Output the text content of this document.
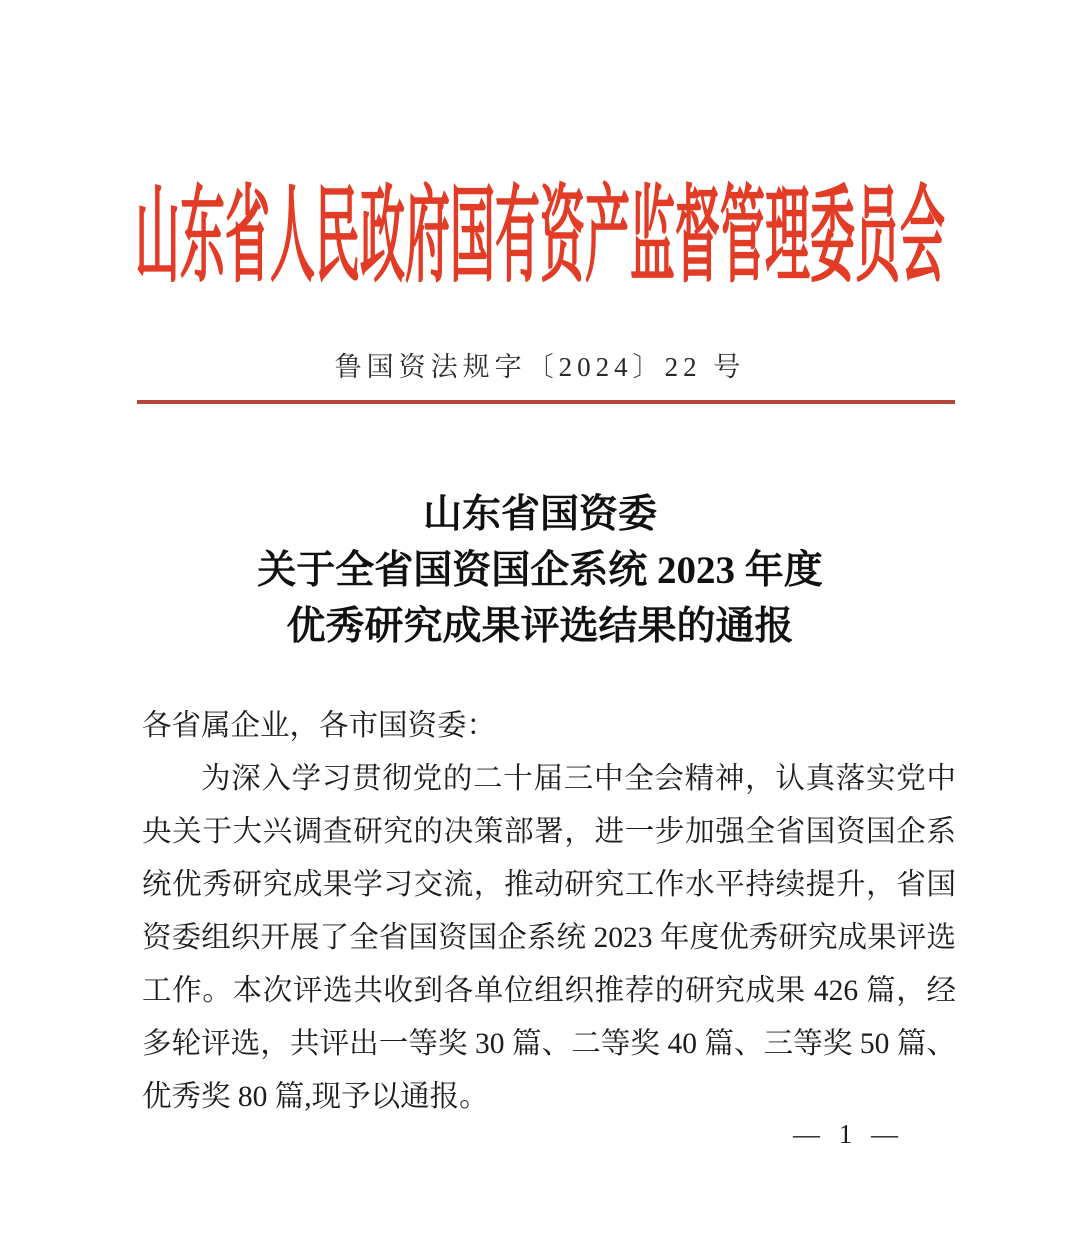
山东省人民政府国有资产监督管理委员会
鲁国资法规字〔2024〕22 号
山东省国资委
关于全省国资国企系统 2023 年度
优秀研究成果评选结果的通报
各省属企业，各市国资委：
为深入学习贯彻党的二十届三中全会精神，认真落实党中
央关于大兴调查研究的决策部署，进一步加强全省国资国企系
统优秀研究成果学习交流，推动研究工作水平持续提升，省国
资委组织开展了全省国资国企系统 2023 年度优秀研究成果评选
工作。本次评选共收到各单位组织推荐的研究成果 426 篇，经
多轮评选，共评出一等奖 30 篇、二等奖 40 篇、三等奖 50 篇、
优秀奖 80 篇,现予以通报。
— 1 —
